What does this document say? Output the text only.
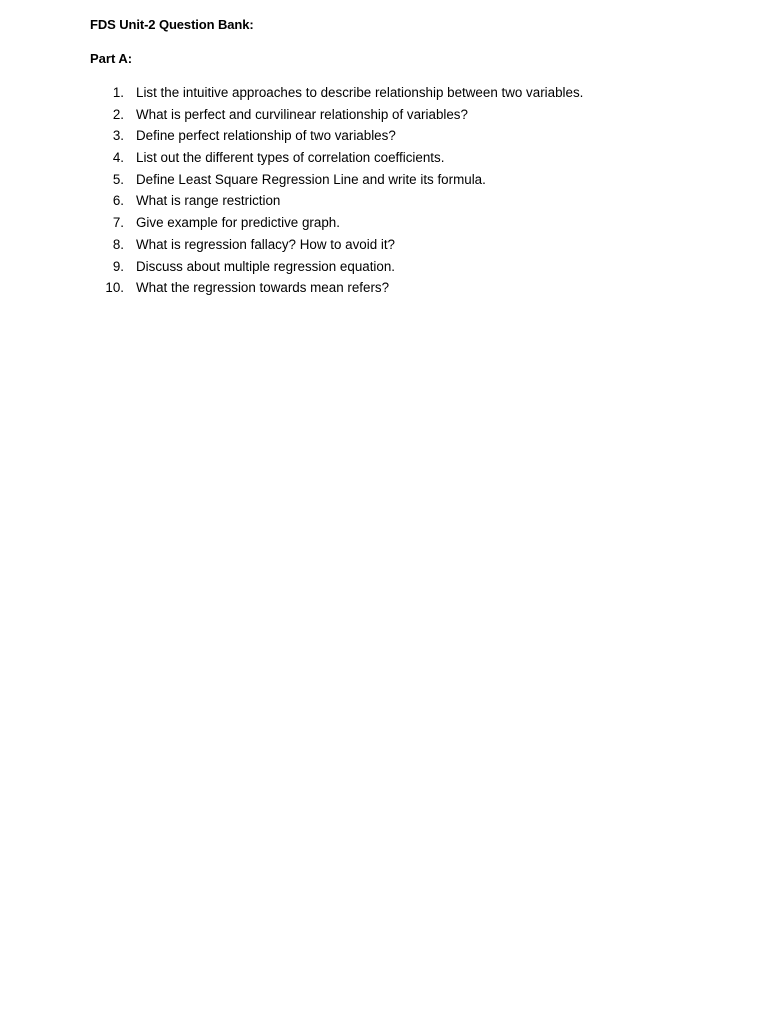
FDS Unit-2 Question Bank:
Part A:
1. List the intuitive approaches to describe relationship between two variables.
2. What is perfect and curvilinear relationship of variables?
3. Define perfect relationship of two variables?
4. List out the different types of correlation coefficients.
5. Define Least Square Regression Line and write its formula.
6. What is range restriction
7. Give example for predictive graph.
8. What is regression fallacy? How to avoid it?
9. Discuss about multiple regression equation.
10. What the regression towards mean refers?
